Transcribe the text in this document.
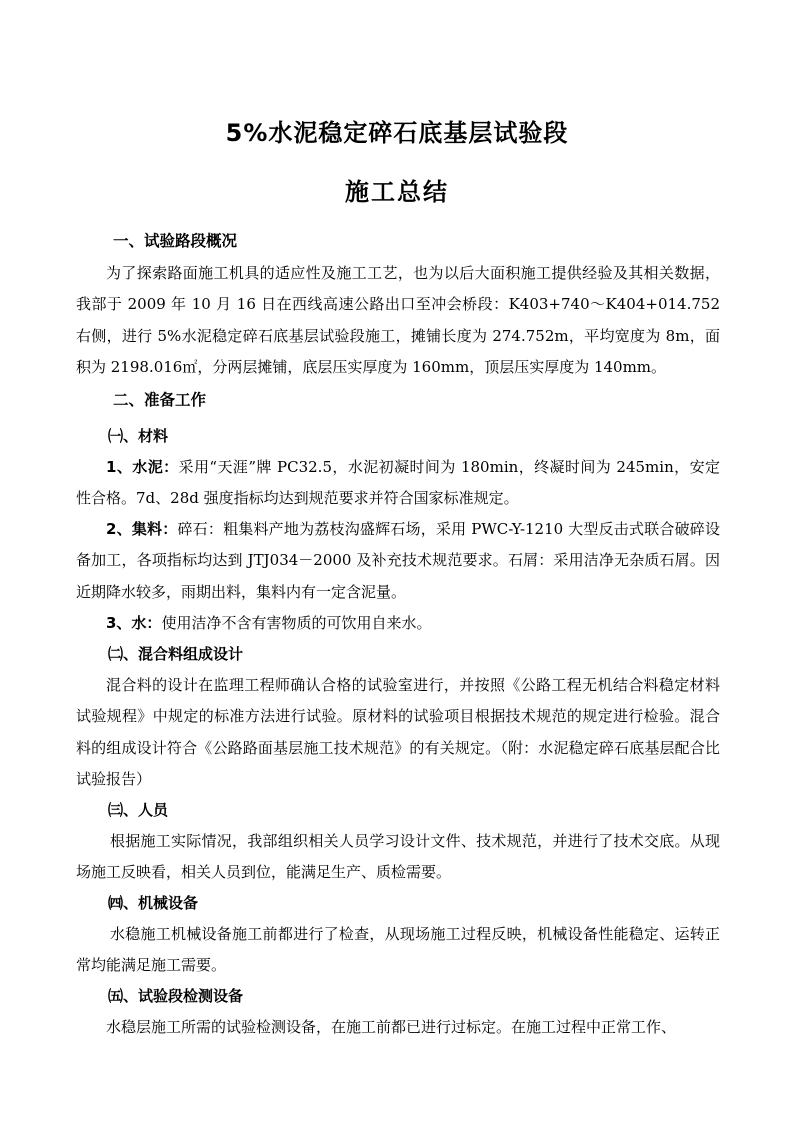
5%水泥稳定碎石底基层试验段
施工总结
一、试验路段概况
为了探索路面施工机具的适应性及施工工艺，也为以后大面积施工提供经验及其相关数据，我部于 2009 年 10 月 16 日在西线高速公路出口至冲会桥段：K403+740～K404+014.752 右侧，进行 5%水泥稳定碎石底基层试验段施工，摊铺长度为 274.752m，平均宽度为 8m，面积为 2198.016㎡，分两层摊铺，底层压实厚度为 160mm，顶层压实厚度为 140mm。
二、准备工作
㈠、材料
1、水泥：采用“天涯”牌 PC32.5，水泥初凝时间为 180min，终凝时间为 245min，安定性合格。7d、28d 强度指标均达到规范要求并符合国家标准规定。
2、集料：碎石：粗集料产地为荔枝沟盛辉石场，采用 PWC-Y-1210 大型反击式联合破碎设备加工，各项指标均达到 JTJ034－2000 及补充技术规范要求。石屑：采用洁净无杂质石屑。因近期降水较多，雨期出料，集料内有一定含泥量。
3、水：使用洁净不含有害物质的可饮用自来水。
㈡、混合料组成设计
混合料的设计在监理工程师确认合格的试验室进行，并按照《公路工程无机结合料稳定材料试验规程》中规定的标准方法进行试验。原材料的试验项目根据技术规范的规定进行检验。混合料的组成设计符合《公路路面基层施工技术规范》的有关规定。（附：水泥稳定碎石底基层配合比试验报告）
㈢、人员
根据施工实际情况，我部组织相关人员学习设计文件、技术规范，并进行了技术交底。从现场施工反映看，相关人员到位，能满足生产、质检需要。
㈣、机械设备
水稳施工机械设备施工前都进行了检查，从现场施工过程反映，机械设备性能稳定、运转正常均能满足施工需要。
㈤、试验段检测设备
水稳层施工所需的试验检测设备，在施工前都已进行过标定。在施工过程中正常工作、
